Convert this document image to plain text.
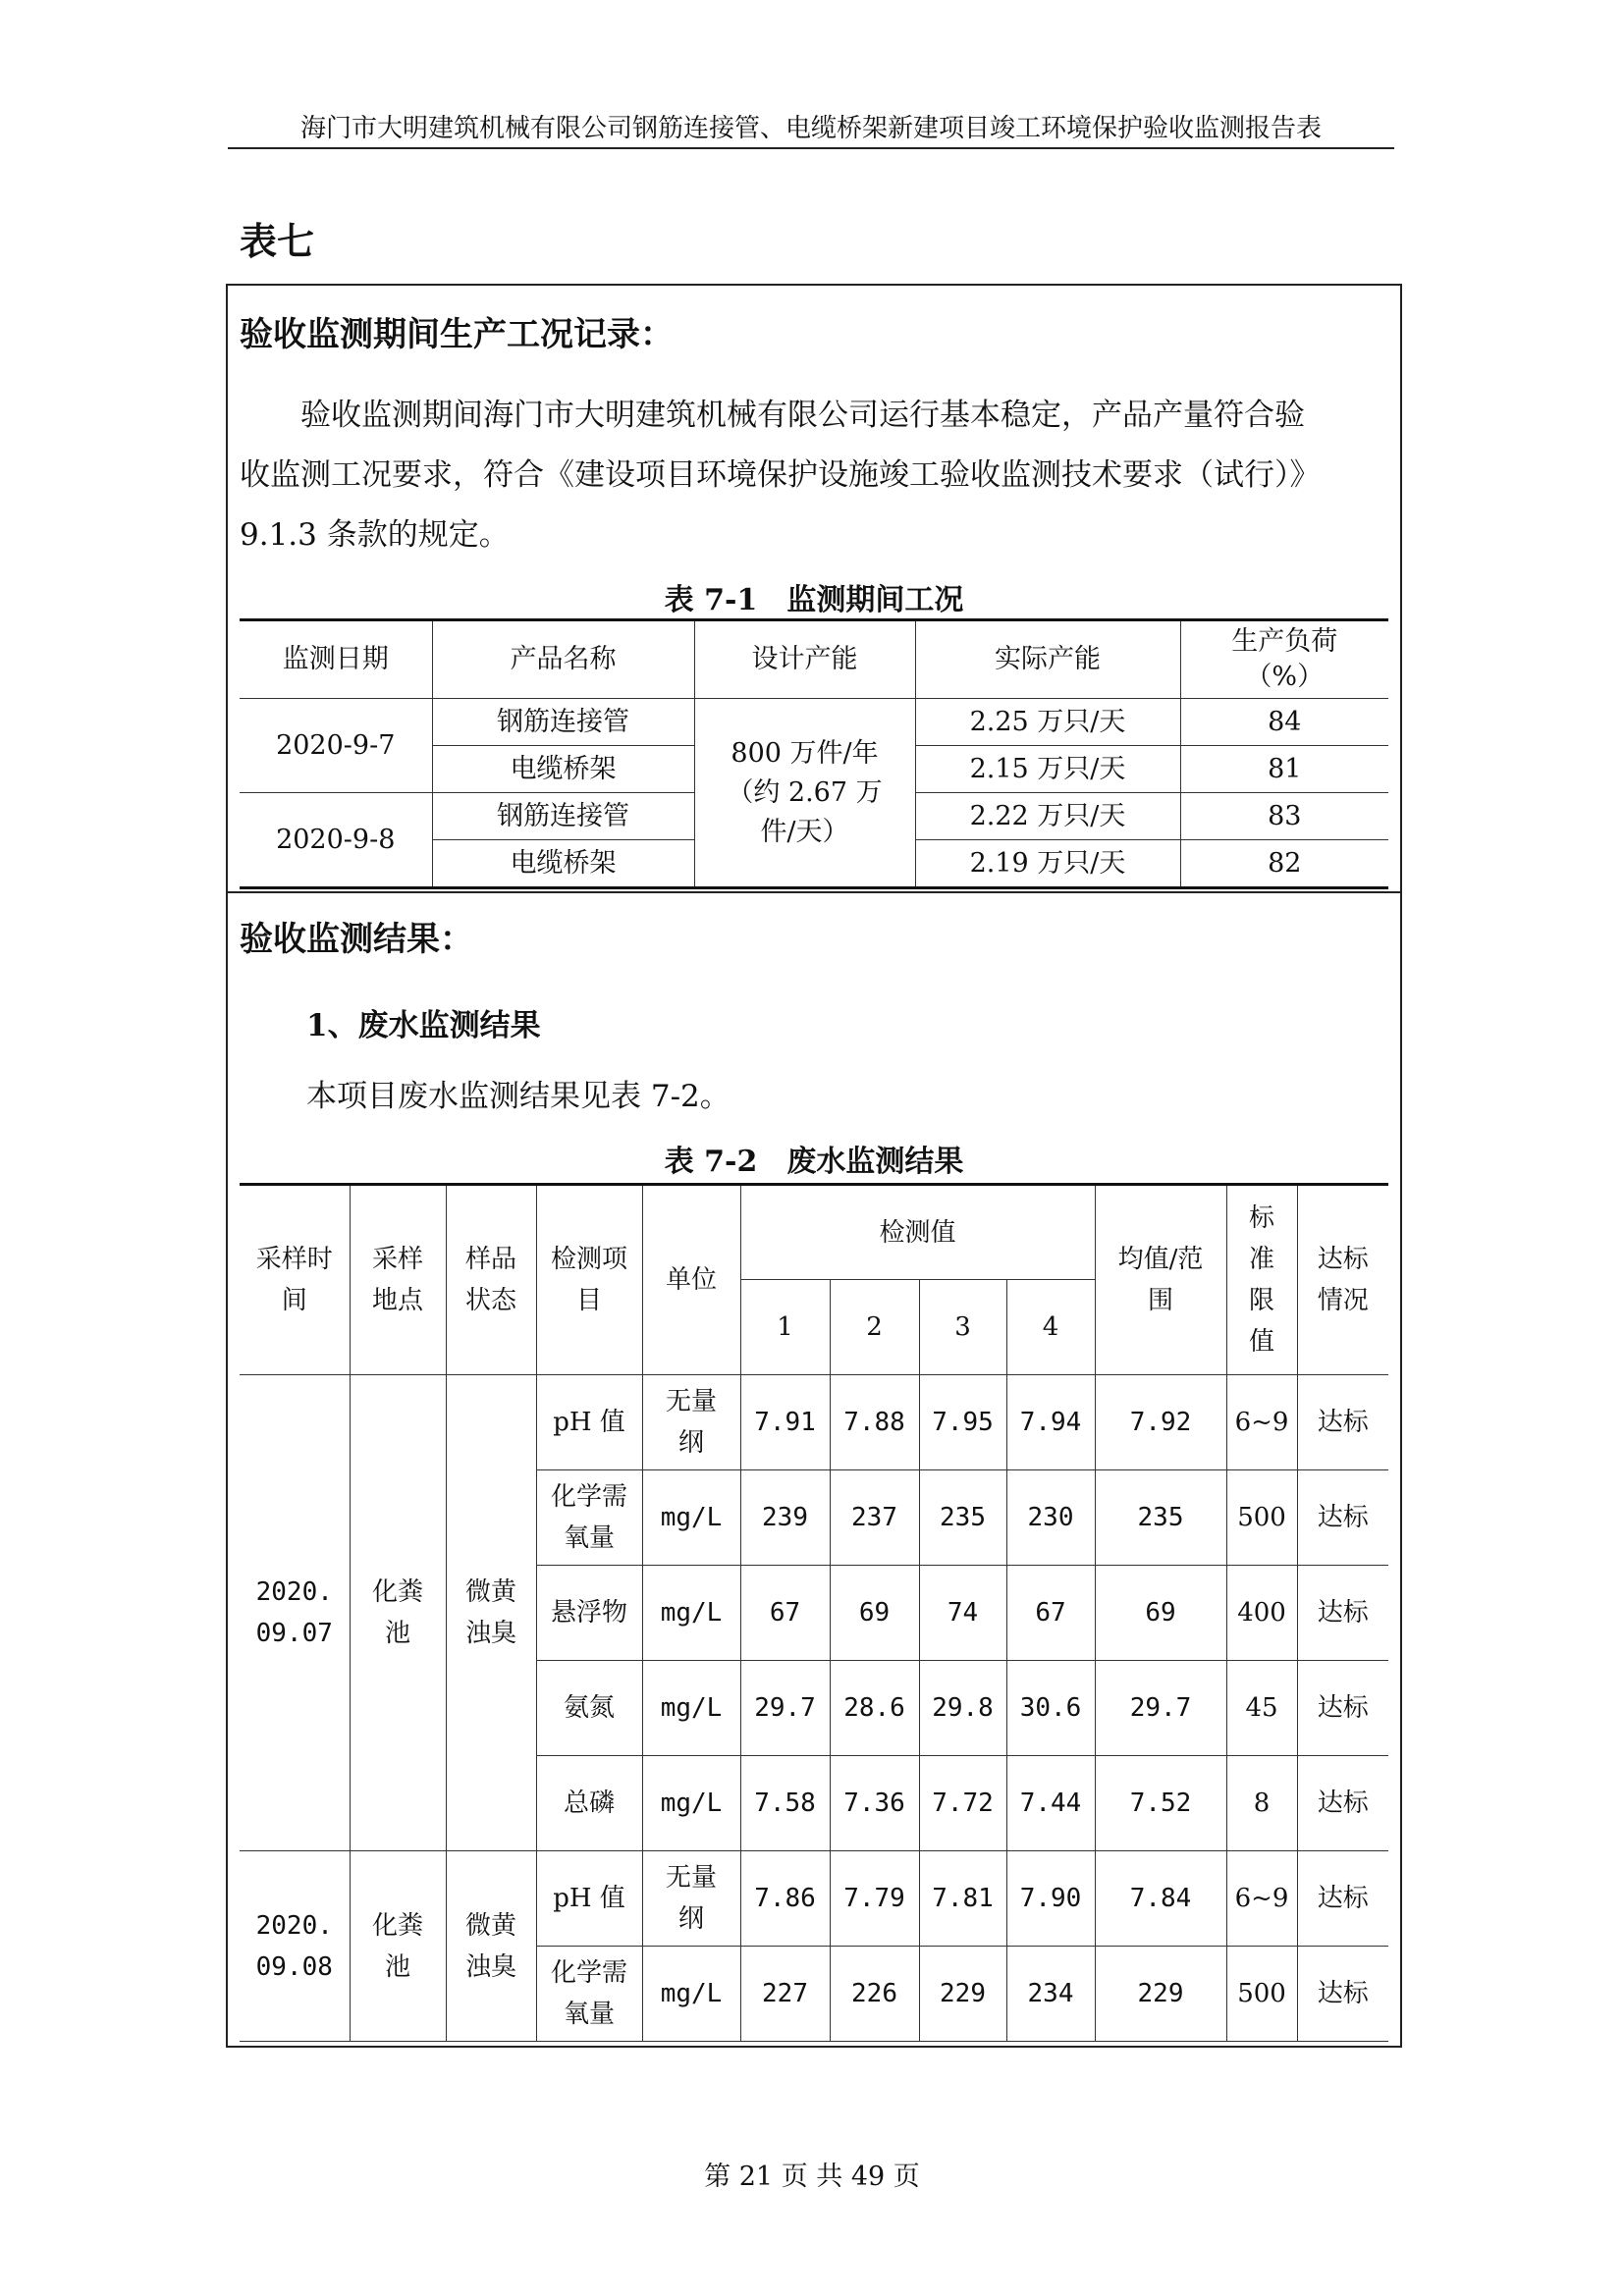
海门市大明建筑机械有限公司钢筋连接管、电缆桥架新建项目竣工环境保护验收监测报告表
表七
验收监测期间生产工况记录：
验收监测期间海门市大明建筑机械有限公司运行基本稳定，产品产量符合验
收监测工况要求，符合《建设项目环境保护设施竣工验收监测技术要求（试行）》
9.1.3 条款的规定。
表 7-1　监测期间工况
监测日期	产品名称	设计产能	实际产能	生产负荷（%）
2020-9-7	钢筋连接管	800 万件/年（约 2.67 万件/天）	2.25 万只/天	84
	电缆桥架		2.15 万只/天	81
2020-9-8	钢筋连接管		2.22 万只/天	83
	电缆桥架		2.19 万只/天	82
验收监测结果：
1、废水监测结果
本项目废水监测结果见表 7-2。
表 7-2　废水监测结果
采样时间	采样地点	样品状态	检测项目	单位	检测值				均值/范围	标准限值	达标情况
					1	2	3	4			
2020.09.07	化粪池	微黄浊臭	pH 值	无量纲	7.91	7.88	7.95	7.94	7.92	6~9	达标
			化学需氧量	mg/L	239	237	235	230	235	500	达标
			悬浮物	mg/L	67	69	74	67	69	400	达标
			氨氮	mg/L	29.7	28.6	29.8	30.6	29.7	45	达标
			总磷	mg/L	7.58	7.36	7.72	7.44	7.52	8	达标
2020.09.08	化粪池	微黄浊臭	pH 值	无量纲	7.86	7.79	7.81	7.90	7.84	6~9	达标
			化学需氧量	mg/L	227	226	229	234	229	500	达标
第 21 页 共 49 页
